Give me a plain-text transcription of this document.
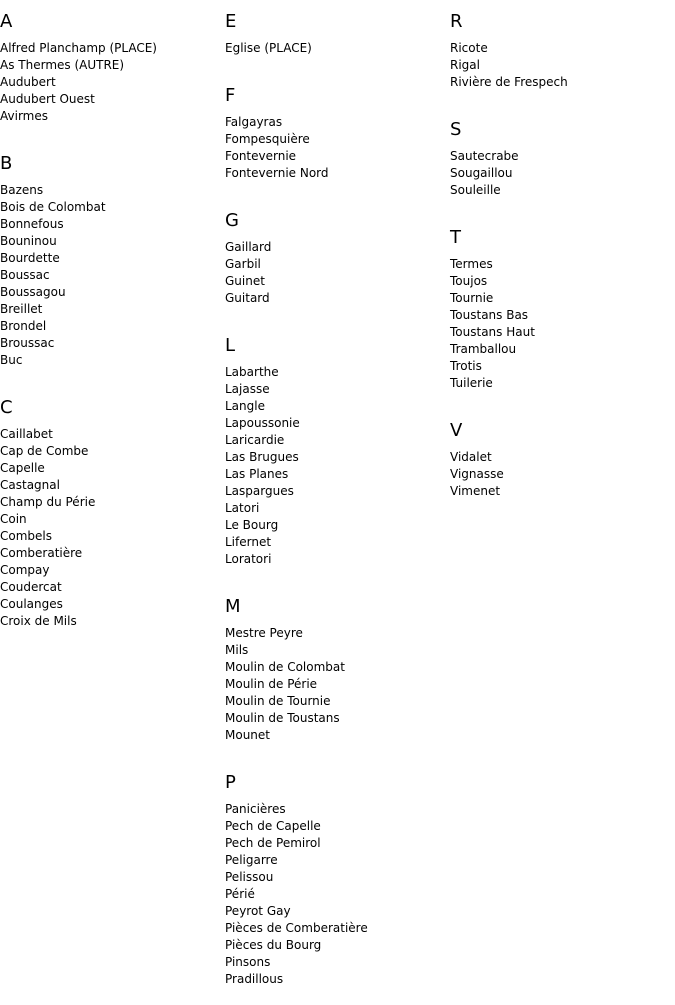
A
Alfred Planchamp (PLACE)
As Thermes (AUTRE)
Audubert
Audubert Ouest
Avirmes
B
Bazens
Bois de Colombat
Bonnefous
Bouninou
Bourdette
Boussac
Boussagou
Breillet
Brondel
Broussac
Buc
C
Caillabet
Cap de Combe
Capelle
Castagnal
Champ du Périe
Coin
Combels
Comberatière
Compay
Coudercat
Coulanges
Croix de Mils
E
Eglise (PLACE)
F
Falgayras
Fompesquière
Fontevernie
Fontevernie Nord
G
Gaillard
Garbil
Guinet
Guitard
L
Labarthe
Lajasse
Langle
Lapoussonie
Laricardie
Las Brugues
Las Planes
Laspargues
Latori
Le Bourg
Lifernet
Loratori
M
Mestre Peyre
Mils
Moulin de Colombat
Moulin de Périe
Moulin de Tournie
Moulin de Toustans
Mounet
P
Panicières
Pech de Capelle
Pech de Pemirol
Peligarre
Pelissou
Périé
Peyrot Gay
Pièces de Comberatière
Pièces du Bourg
Pinsons
Pradillous
R
Ricote
Rigal
Rivière de Frespech
S
Sautecrabe
Sougaillou
Souleille
T
Termes
Toujos
Tournie
Toustans Bas
Toustans Haut
Tramballou
Trotis
Tuilerie
V
Vidalet
Vignasse
Vimenet
